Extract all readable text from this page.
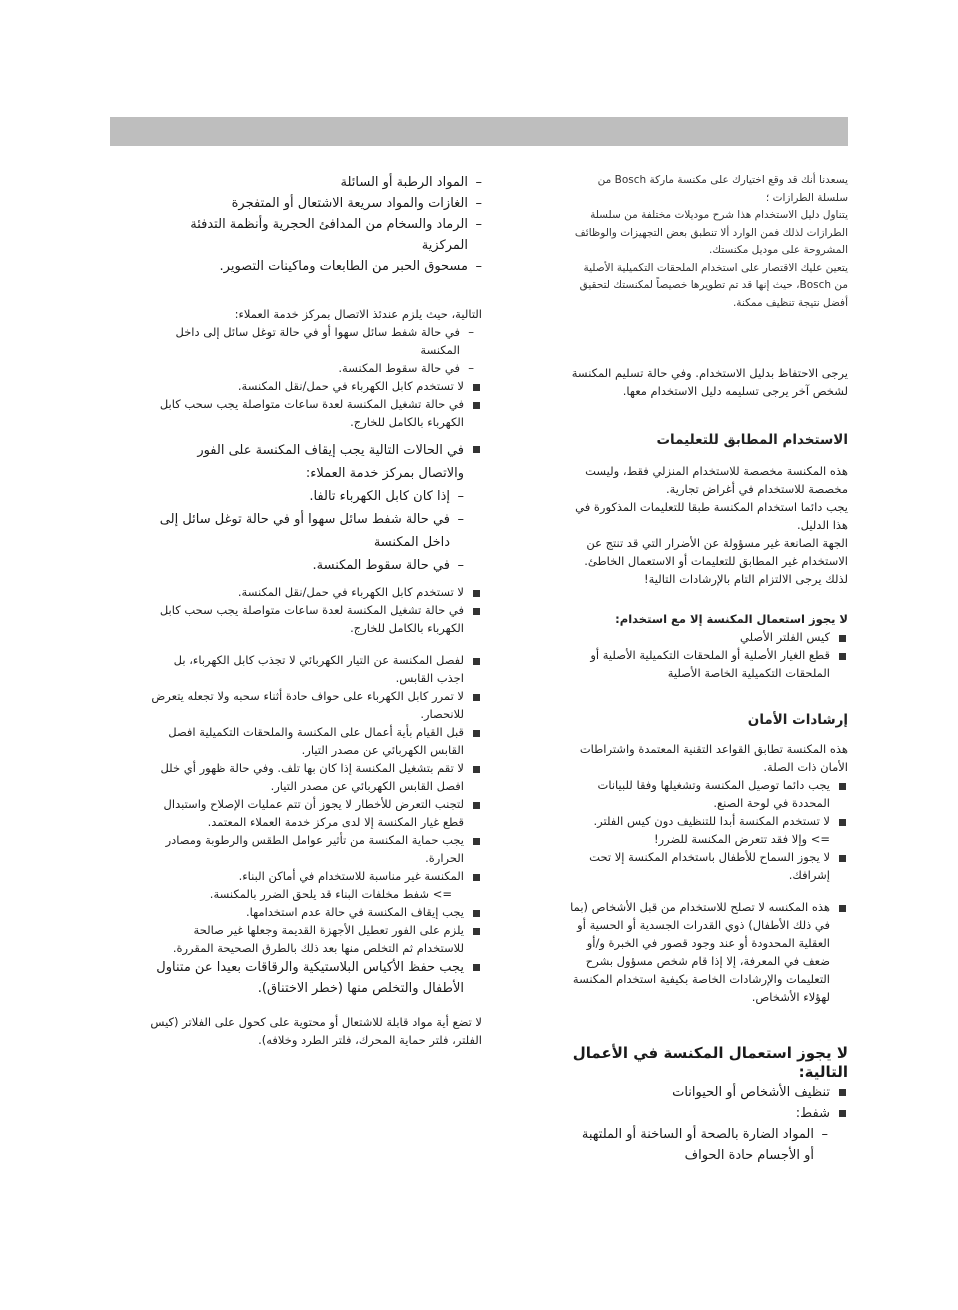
يسعدنا أنك قد وقع اختيارك على مكنسة ماركة Bosch من سلسلة الطرازات ؛

يتناول دليل الاستخدام هذا شرح موديلات مختلفة من سلسلة الطرازات لذلك فمن الوارد ألا تنطبق بعض التجهيزات والوظائف المشروحة على موديل مكنستك.

يتعين عليك الاقتصار على استخدام الملحقات التكميلية الأصلية من Bosch، حيث إنها قد تم تطويرها خصيصاً لمكنستك لتحقيق أفضل نتيجة تنظيف ممكنة.

يرجى الاحتفاظ بدليل الاستخدام. وفي حالة تسليم المكنسة لشخص آخر يرجى تسليمه دليل الاستخدام معها.

الاستخدام المطابق للتعليمات

هذه المكنسة مخصصة للاستخدام المنزلي فقط، وليست مخصصة للاستخدام في أغراض تجارية.

يجب دائما استخدام المكنسة طبقا للتعليمات المذكورة في هذا الدليل.

الجهة الصانعة غير مسؤولة عن الأضرار التي قد تنتج عن الاستخدام غير المطابق للتعليمات أو الاستعمال الخاطئ. لذلك يرجى الالتزام التام بالإرشادات التالية!

لا يجوز استعمال المكنسة إلا مع استخدام:

كيس الفلتر الأصلي
قطع الغيار الأصلية أو الملحقات التكميلية الأصلية أو الملحقات التكميلية الخاصة الأصلية

إرشادات الأمان

هذه المكنسة تطابق القواعد التقنية المعتمدة واشتراطات الأمان ذات الصلة.

يجب دائما توصيل المكنسة وتشغيلها وفقا للبيانات المحددة في لوحة الصنع.
لا تستخدم المكنسة أبدا للتنظيف دون كيس الفلتر.
=> وإلا فقد تتعرض المكنسة للضرر!
لا يجوز السماح للأطفال باستخدام المكنسة إلا تحت إشرافك.
هذه المكنسه لا تصلح للاستخدام من قبل الأشخاص (بما في ذلك الأطفال) ذوي القدرات الجسدية أو الحسية أو العقلية المحدودة أو عند وجود قصور في الخبرة و/أو ضعف في المعرفة، إلا إذا قام شخص مسؤول بشرح التعليمات والإرشادات الخاصة بكيفية استخدام المكنسة لهؤلاء الأشخاص.

لا يجوز استعمال المكنسة في الأعمال التالية:

تنظيف الأشخاص أو الحيوانات
شفط:
– المواد الضارة بالصحة أو الساخنة أو الملتهبة أو الأجسام حادة الحواف
– المواد الرطبة أو السائلة
– الغازات والمواد سريعة الاشتعال أو المتفجرة
– الرماد والسخام من المدافئ الحجرية وأنظمة التدفئة المركزية
– مسحوق الحبر من الطابعات وماكينات التصوير.

التالية، حيث يلزم عندئذ الاتصال بمركز خدمة العملاء:

– في حالة شفط سائل سهوا أو في حالة توغل سائل إلى داخل المكنسة
– في حالة سقوط المكنسة.
لا تستخدم كابل الكهرباء في حمل/نقل المكنسة.
في حالة تشغيل المكنسة لعدة ساعات متواصلة يجب سحب كابل الكهرباء بالكامل للخارج.
في الحالات التالية يجب إيقاف المكنسة على الفور والاتصال بمركز خدمة العملاء:
– إذا كان كابل الكهرباء تالفا.
– في حالة شفط سائل سهوا أو في حالة توغل سائل إلى داخل المكنسة
– في حالة سقوط المكنسة.
لا تستخدم كابل الكهرباء في حمل/نقل المكنسة.
في حالة تشغيل المكنسة لعدة ساعات متواصلة يجب سحب كابل الكهرباء بالكامل للخارج.
لفصل المكنسة عن التيار الكهربائي لا تجذب كابل الكهرباء، بل اجذب القابس.
لا تمرر كابل الكهرباء على حواف حادة أثناء سحبه ولا تجعله يتعرض للانحصار.
قبل القيام بأية أعمال على المكنسة والملحقات التكميلية افصل القابس الكهربائي عن مصدر التيار.
لا تقم بتشغيل المكنسة إذا كان بها تلف. وفي حالة ظهور أي خلل افصل القابس الكهربائي عن مصدر التيار.
لتجنب التعرض للأخطار لا يجوز أن تتم عمليات الإصلاح واستبدال قطع غيار المكنسة إلا لدى مركز خدمة العملاء المعتمد.
يجب حماية المكنسة من تأثير عوامل الطقس والرطوبة ومصادر الحرارة.
المكنسة غير مناسبة للاستخدام في أماكن البناء.
=> شفط مخلفات البناء قد يلحق الضرر بالمكنسة.
يجب إيقاف المكنسة في حالة عدم استخدامها.
يلزم على الفور تعطيل الأجهزة القديمة وجعلها غير صالحة للاستخدام ثم التخلص منها بعد ذلك بالطرق الصحيحة المقررة.
يجب حفظ الأكياس البلاستيكية والرقاقات بعيدا عن متناول الأطفال والتخلص منها (خطر الاختناق).

لا تضع أية مواد قابلة للاشتعال أو محتوية على كحول على الفلاتر (كيس الفلتر، فلتر حماية المحرك، فلتر الطرد وخلافه).
